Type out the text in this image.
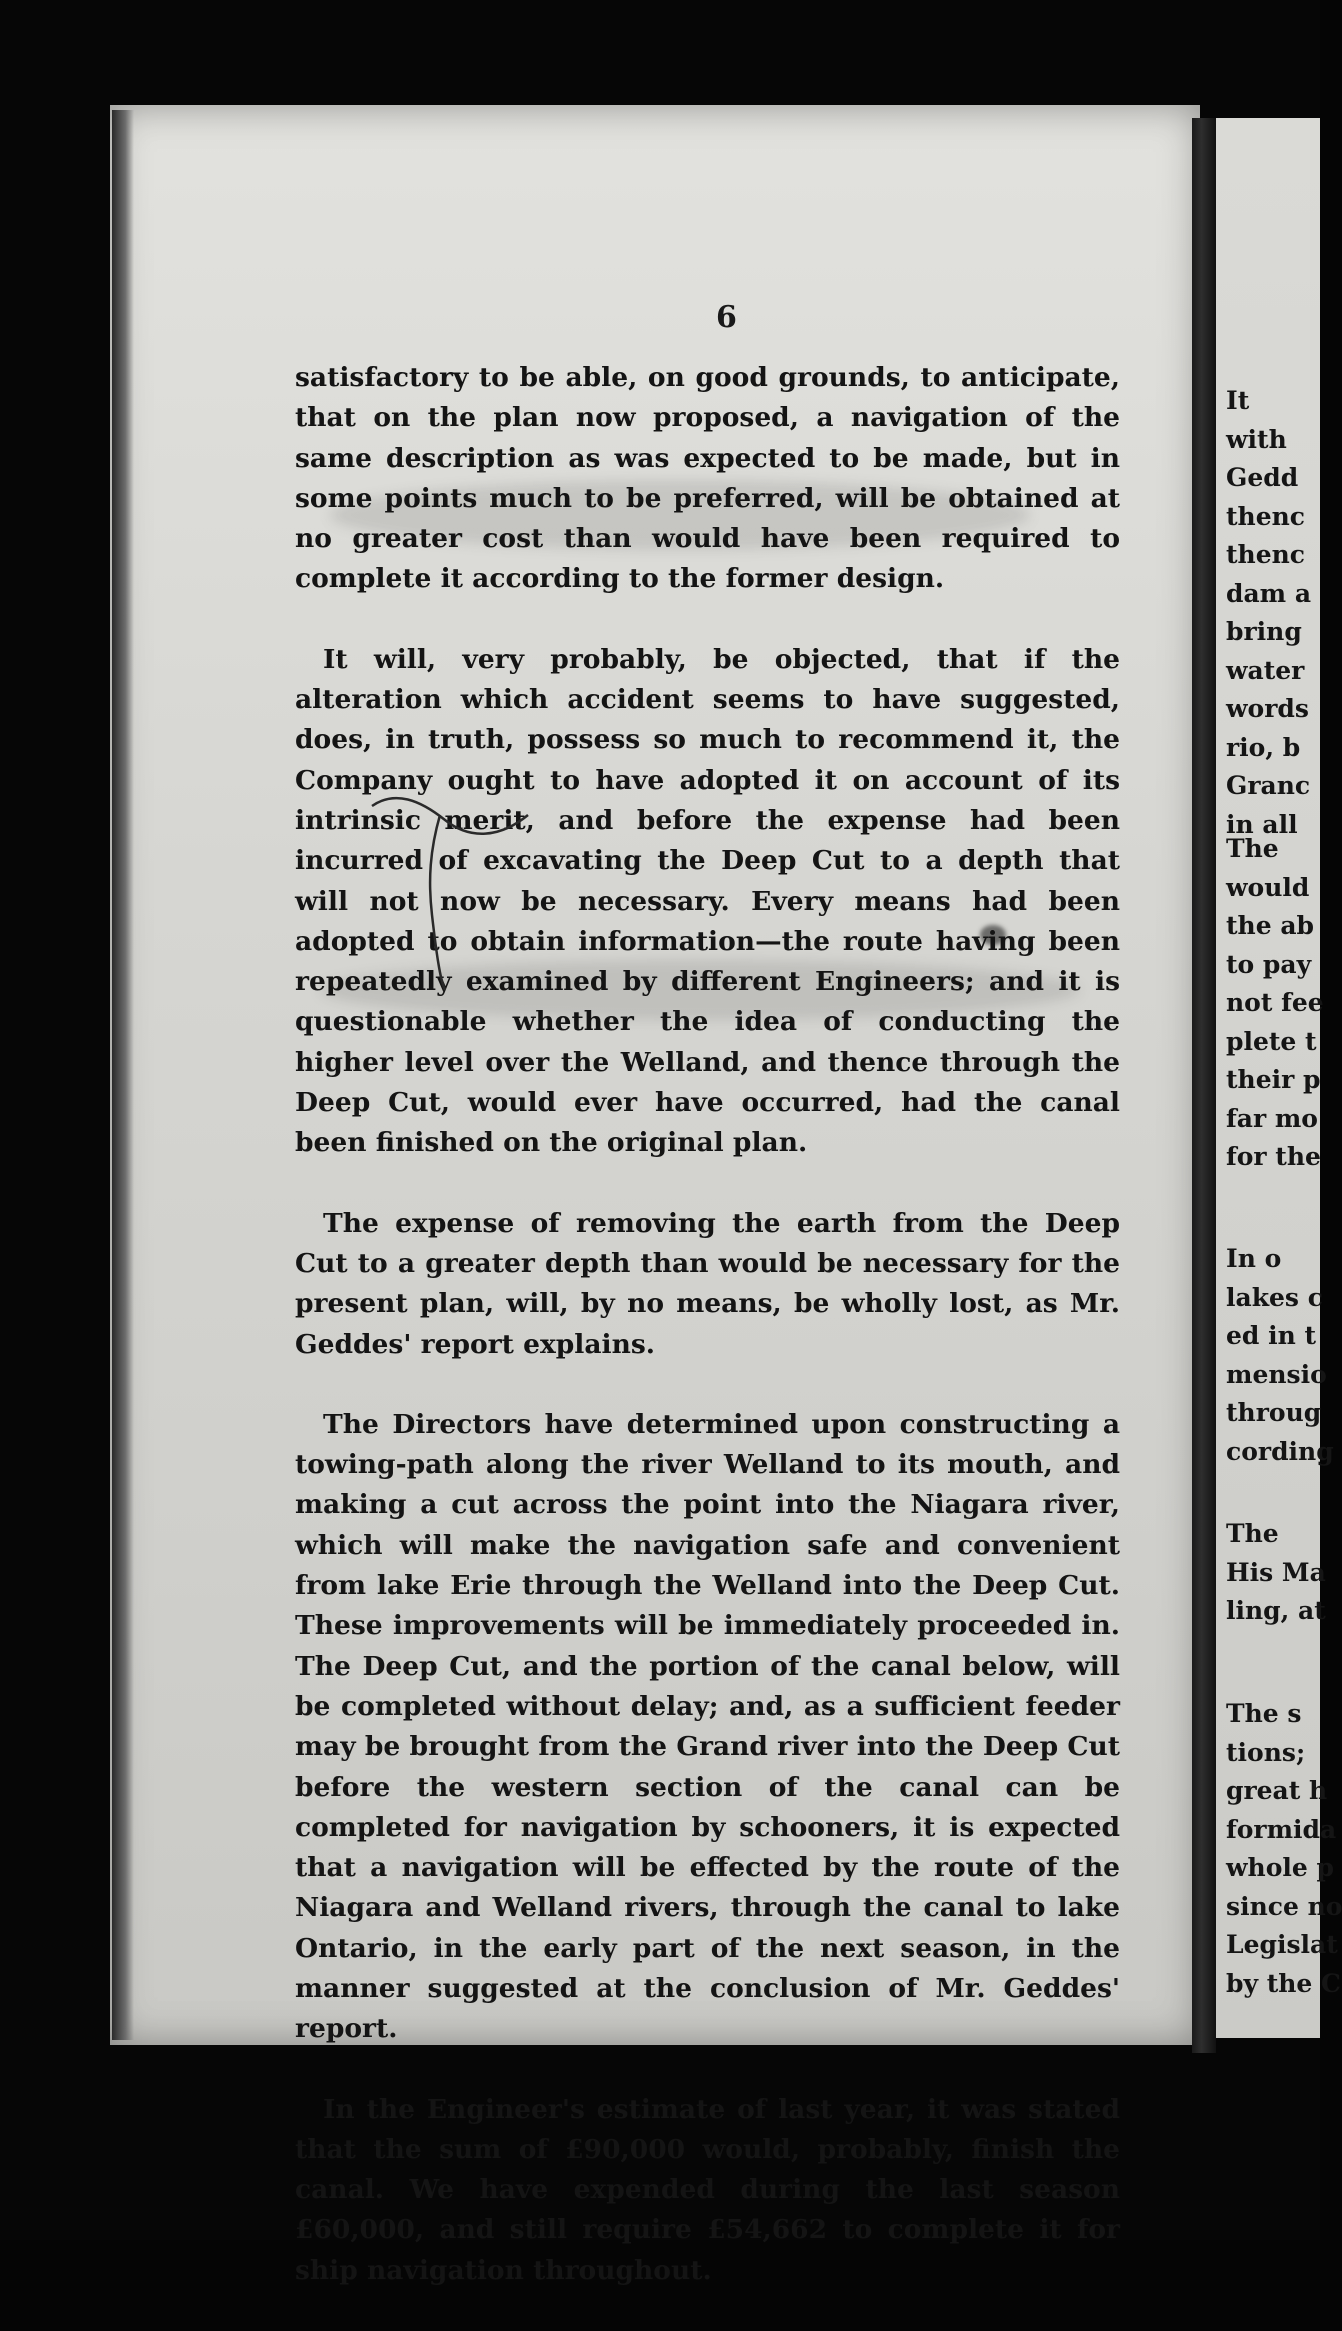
6

satisfactory to be able, on good grounds, to anticipate, that on the plan now proposed, a navigation of the same description as was expected to be made, but in some points much to be preferred, will be obtained at no greater cost than would have been required to complete it according to the former design.

It will, very probably, be objected, that if the alteration which accident seems to have suggested, does, in truth, possess so much to recommend it, the Company ought to have adopted it on account of its intrinsic merit, and before the expense had been incurred of excavating the Deep Cut to a depth that will not now be necessary. Every means had been adopted to obtain information—the route having been repeatedly examined by different Engineers; and it is questionable whether the idea of conducting the higher level over the Welland, and thence through the Deep Cut, would ever have occurred, had the canal been finished on the original plan.

The expense of removing the earth from the Deep Cut to a greater depth than would be necessary for the present plan, will, by no means, be wholly lost, as Mr. Geddes' report explains.

The Directors have determined upon constructing a towing-path along the river Welland to its mouth, and making a cut across the point into the Niagara river, which will make the navigation safe and convenient from lake Erie through the Welland into the Deep Cut. These improvements will be immediately proceeded in. The Deep Cut, and the portion of the canal below, will be completed without delay; and, as a sufficient feeder may be brought from the Grand river into the Deep Cut before the western section of the canal can be completed for navigation by schooners, it is expected that a navigation will be effected by the route of the Niagara and Welland rivers, through the canal to lake Ontario, in the early part of the next season, in the manner suggested at the conclusion of Mr. Geddes' report.

In the Engineer's estimate of last year, it was stated that the sum of £90,000 would, probably, finish the canal. We have expended during the last season £60,000, and still require £54,662 to complete it for ship navigation throughout.

It
with
Gedd
thenc
thenc
dam a
bring
water
words
rio, b
Granc
in all
The
would
the ab
to pay
not fee
plete t
their p
far mo
for the
In o
lakes c
ed in t
mensio
throug
cording
The
His Ma
ling, at
The s
tions;
great h
formida
whole p
since no
Legislat
by the C
